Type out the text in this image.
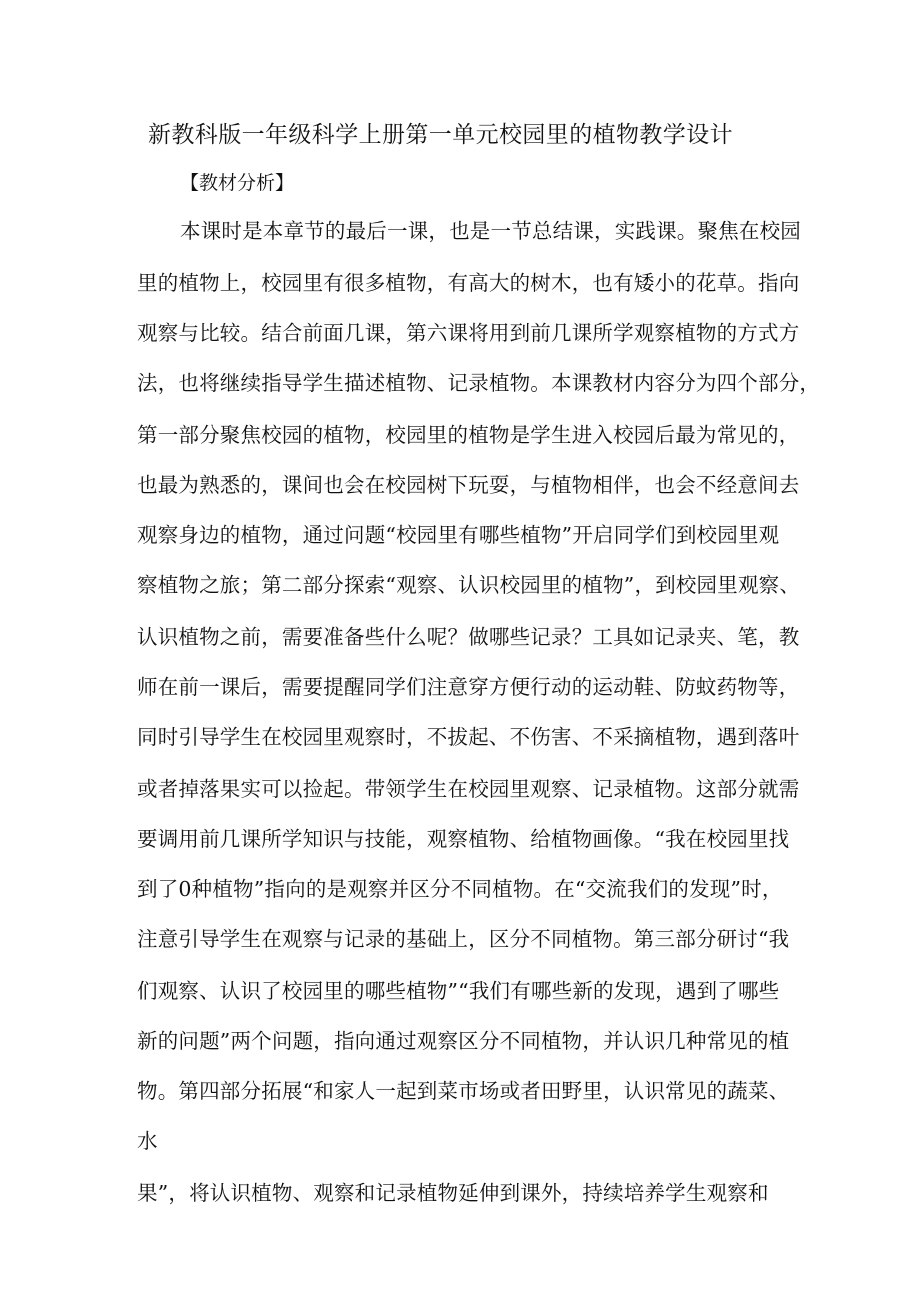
新教科版一年级科学上册第一单元校园里的植物教学设计
【教材分析】
本课时是本章节的最后一课，也是一节总结课，实践课。聚焦在校园
里的植物上，校园里有很多植物，有高大的树木，也有矮小的花草。指向
观察与比较。结合前面几课，第六课将用到前几课所学观察植物的方式方
法，也将继续指导学生描述植物、记录植物。本课教材内容分为四个部分，
第一部分聚焦校园的植物，校园里的植物是学生进入校园后最为常见的，
也最为熟悉的，课间也会在校园树下玩耍，与植物相伴，也会不经意间去
观察身边的植物，通过问题“校园里有哪些植物”开启同学们到校园里观
察植物之旅；第二部分探索“观察、认识校园里的植物”，到校园里观察、
认识植物之前，需要准备些什么呢？做哪些记录？工具如记录夹、笔，教
师在前一课后，需要提醒同学们注意穿方便行动的运动鞋、防蚊药物等，
同时引导学生在校园里观察时，不拔起、不伤害、不采摘植物，遇到落叶
或者掉落果实可以捡起。带领学生在校园里观察、记录植物。这部分就需
要调用前几课所学知识与技能，观察植物、给植物画像。“我在校园里找
到了0种植物”指向的是观察并区分不同植物。在“交流我们的发现”时，
注意引导学生在观察与记录的基础上，区分不同植物。第三部分研讨“我
们观察、认识了校园里的哪些植物”“我们有哪些新的发现，遇到了哪些
新的问题”两个问题，指向通过观察区分不同植物，并认识几种常见的植
物。第四部分拓展“和家人一起到菜市场或者田野里，认识常见的蔬菜、
水
果”，将认识植物、观察和记录植物延伸到课外，持续培养学生观察和
